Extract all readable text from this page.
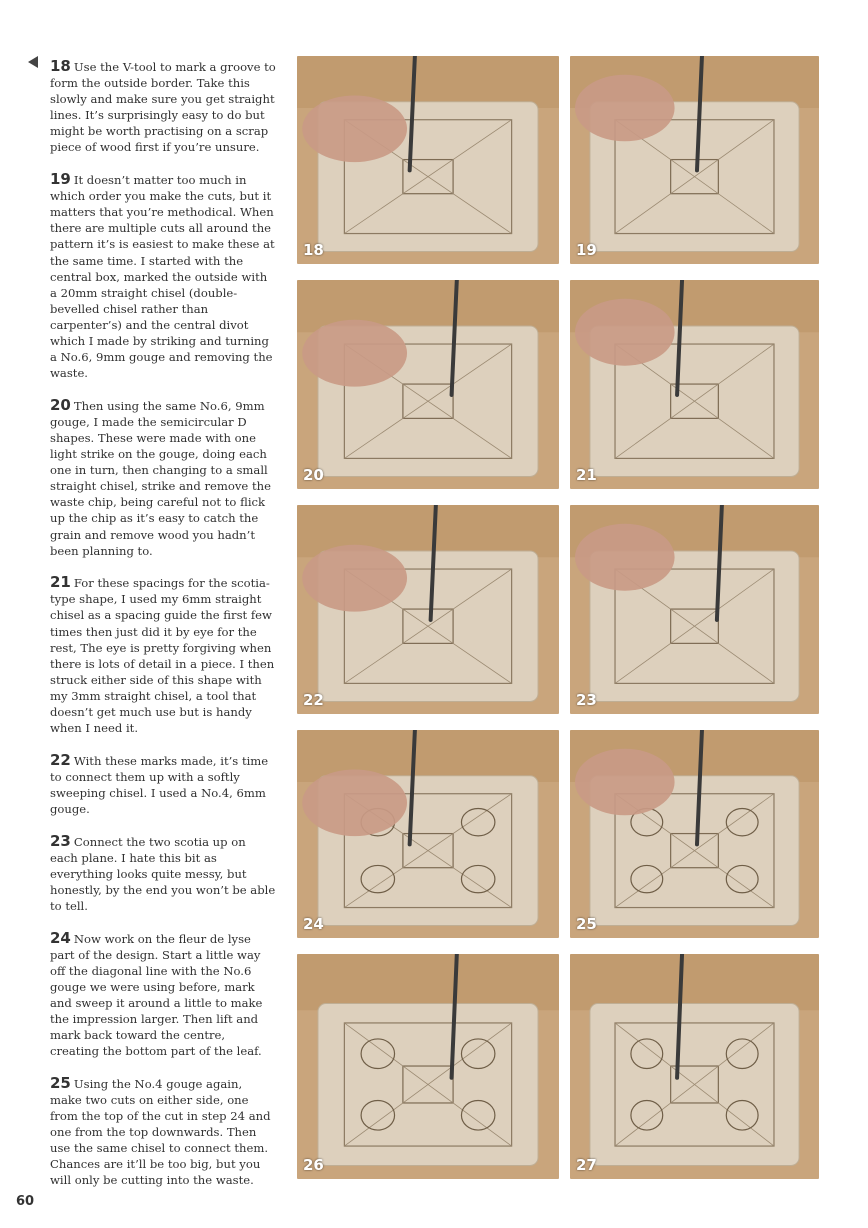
18 Use the V-tool to mark a groove to form the outside border. Take this slowly and make sure you get straight lines. It’s surprisingly easy to do but might be worth practising on a scrap piece of wood first if you’re unsure.

19 It doesn’t matter too much in which order you make the cuts, but it matters that you’re methodical. When there are multiple cuts all around the pattern it’s is easiest to make these at the same time. I started with the central box, marked the outside with a 20mm straight chisel (double-bevelled chisel rather than carpenter’s) and the central divot which I made by striking and turning a No.6, 9mm gouge and removing the waste.

20 Then using the same No.6, 9mm gouge, I made the semicircular D shapes. These were made with one light strike on the gouge, doing each one in turn, then changing to a small straight chisel, strike and remove the waste chip, being careful not to flick up the chip as it’s easy to catch the grain and remove wood you hadn’t been planning to.

21 For these spacings for the scotia-type shape, I used my 6mm straight chisel as a spacing guide the first few times then just did it by eye for the rest, The eye is pretty forgiving when there is lots of detail in a piece. I then struck either side of this shape with my 3mm straight chisel, a tool that doesn’t get much use but is handy when I need it.

22 With these marks made, it’s time to connect them up with a softly sweeping chisel. I used a No.4, 6mm gouge.

23 Connect the two scotia up on each plane. I hate this bit as everything looks quite messy, but honestly, by the end you won’t be able to tell.

24 Now work on the fleur de lyse part of the design. Start a little way off the diagonal line with the No.6 gouge we were using before, mark and sweep it around a little to make the impression larger. Then lift and mark back toward the centre, creating the bottom part of the leaf.

25 Using the No.4 gouge again, make two cuts on either side, one from the top of the cut in step 24 and one from the top downwards. Then use the same chisel to connect them. Chances are it’ll be too big, but you will only be cutting into the waste.

18	19
20	21
22	23
24	25
26	27
60
